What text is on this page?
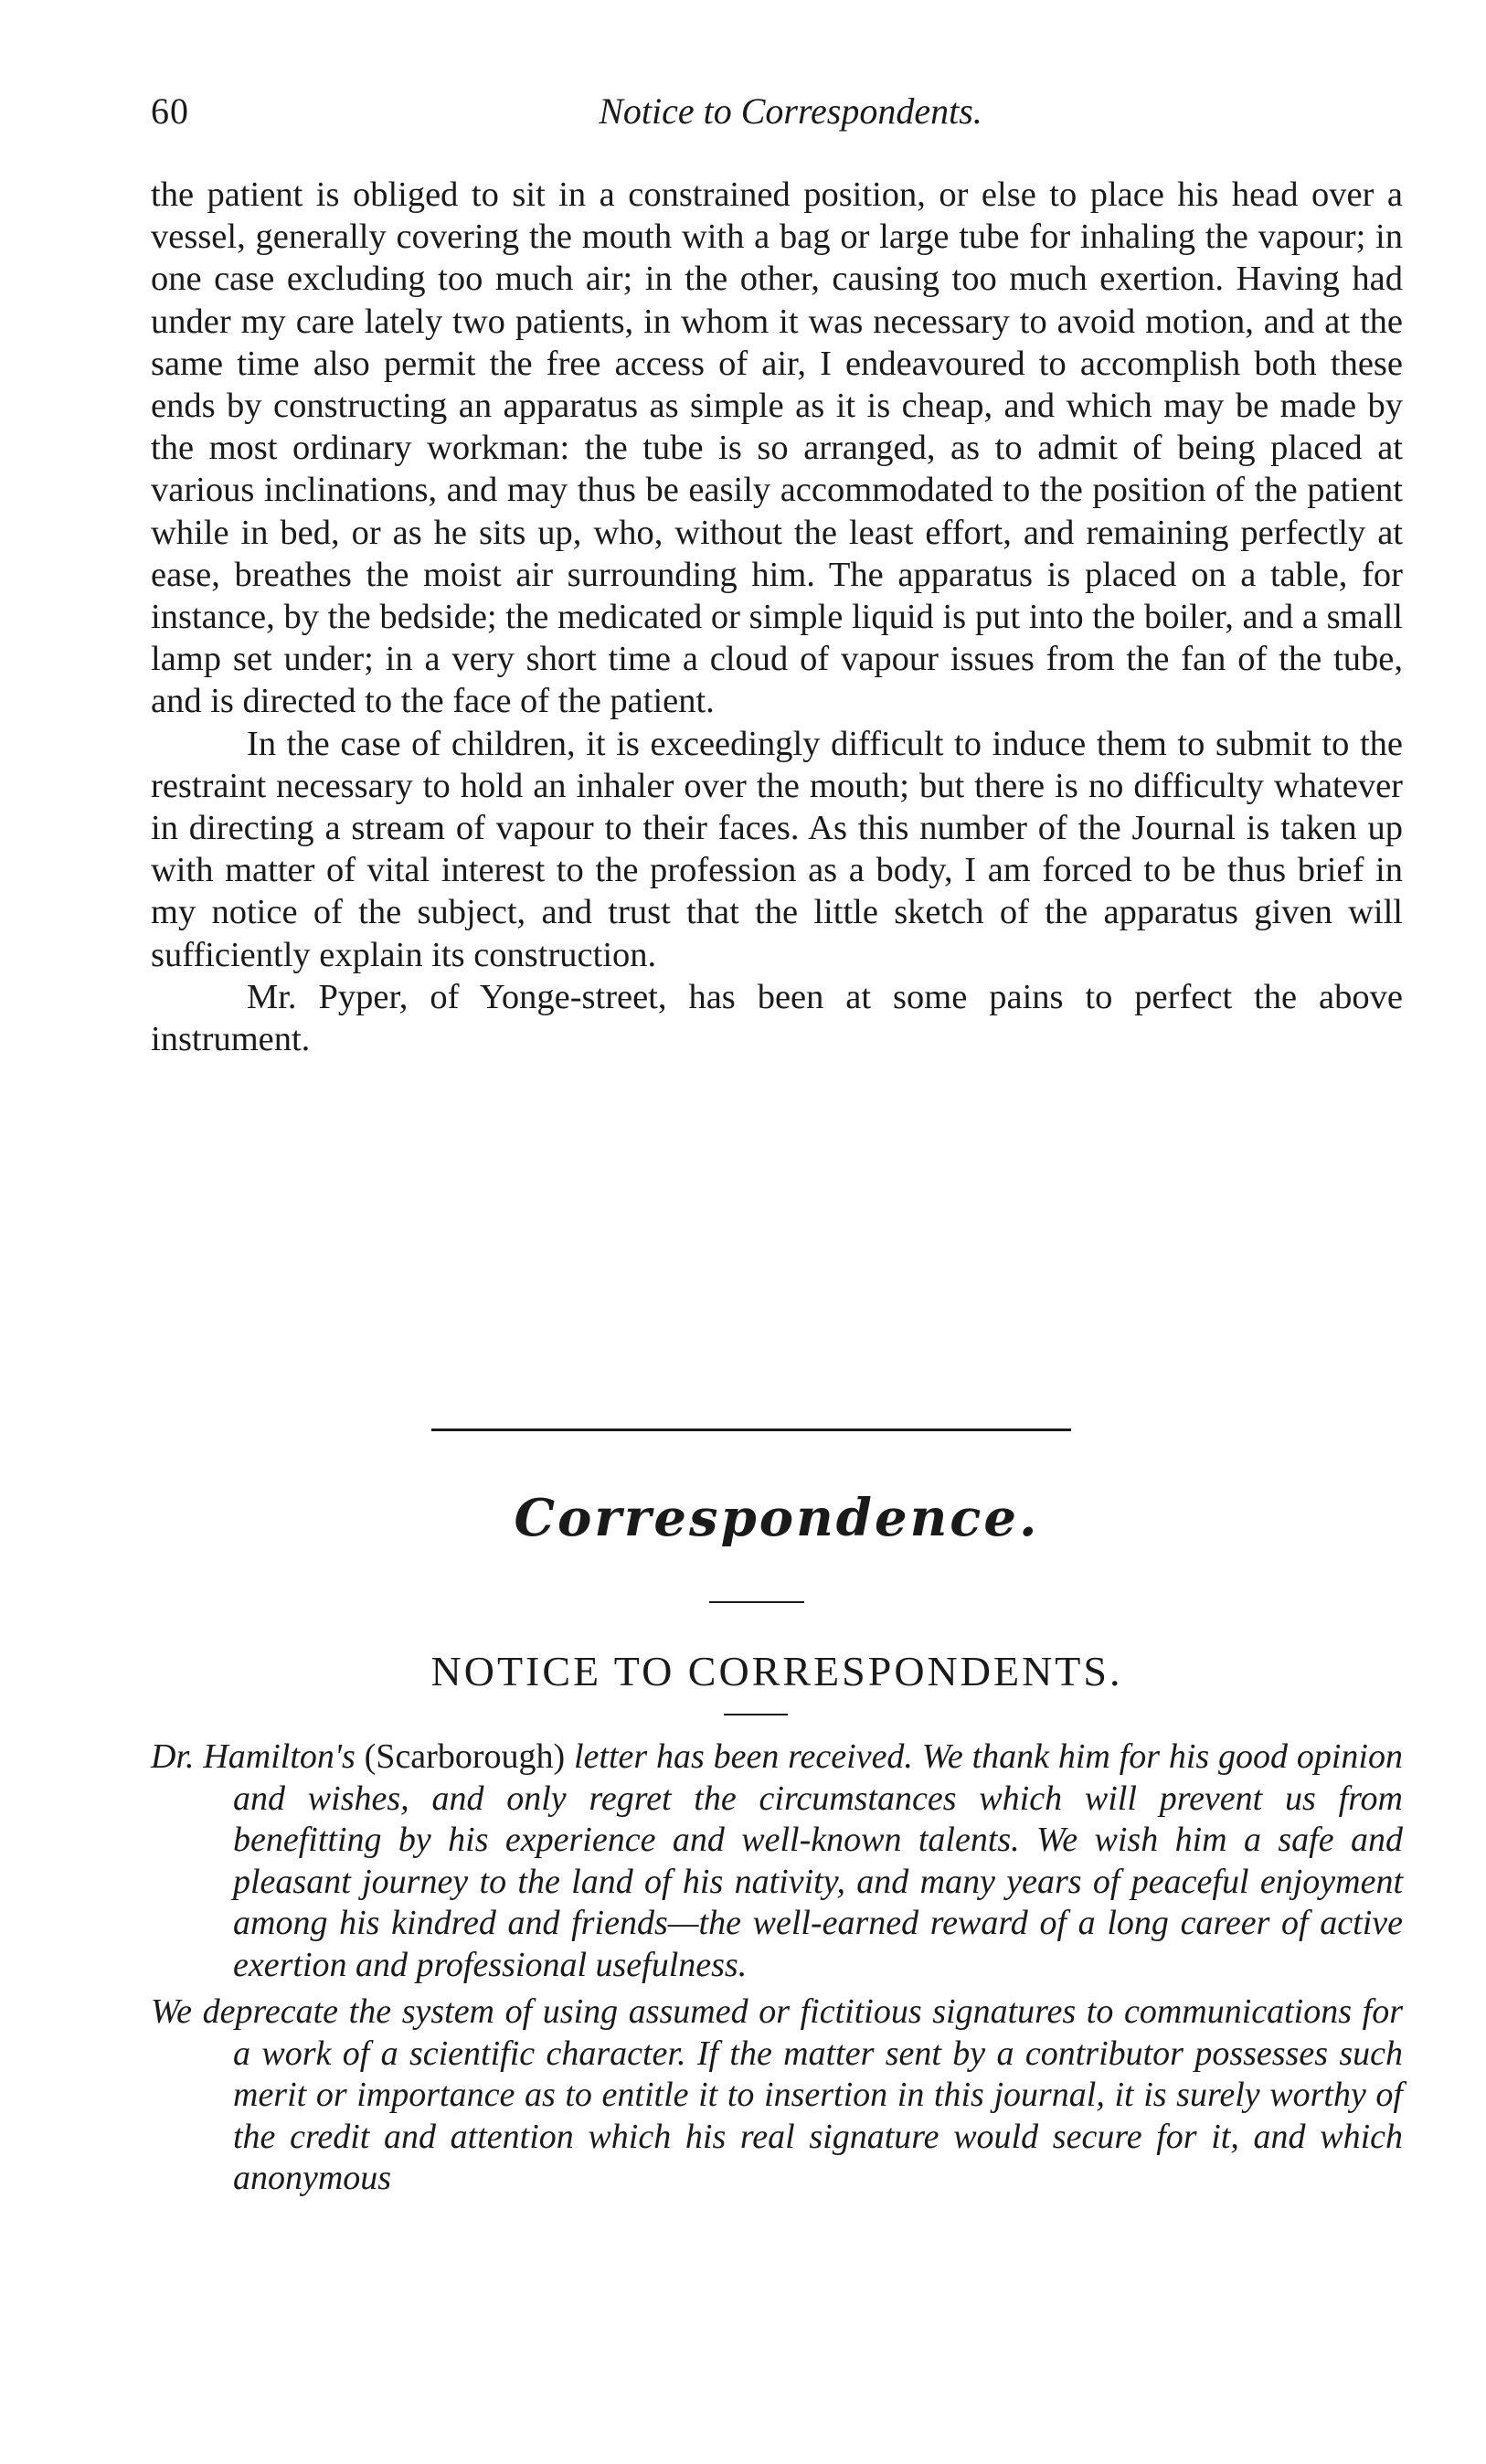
60	Notice to Correspondents.

the patient is obliged to sit in a constrained position, or else to place his head over a vessel, generally covering the mouth with a bag or large tube for inhaling the vapour; in one case excluding too much air; in the other, causing too much exertion. Having had under my care lately two patients, in whom it was necessary to avoid motion, and at the same time also permit the free access of air, I endeavoured to accomplish both these ends by constructing an apparatus as simple as it is cheap, and which may be made by the most ordinary workman: the tube is so arranged, as to admit of being placed at various inclinations, and may thus be easily accommodated to the position of the patient while in bed, or as he sits up, who, without the least effort, and remaining perfectly at ease, breathes the moist air surrounding him. The apparatus is placed on a table, for instance, by the bedside; the medicated or simple liquid is put into the boiler, and a small lamp set under; in a very short time a cloud of vapour issues from the fan of the tube, and is directed to the face of the patient.

In the case of children, it is exceedingly difficult to induce them to submit to the restraint necessary to hold an inhaler over the mouth; but there is no difficulty whatever in directing a stream of vapour to their faces. As this number of the Journal is taken up with matter of vital interest to the profession as a body, I am forced to be thus brief in my notice of the subject, and trust that the little sketch of the apparatus given will sufficiently explain its construction.

Mr. Pyper, of Yonge-street, has been at some pains to perfect the above instrument.

Correspondence.
NOTICE TO CORRESPONDENTS.

Dr. Hamilton's (Scarborough) letter has been received. We thank him for his good opinion and wishes, and only regret the circumstances which will prevent us from benefitting by his experience and well-known talents. We wish him a safe and pleasant journey to the land of his nativity, and many years of peaceful enjoyment among his kindred and friends—the well-earned reward of a long career of active exertion and professional usefulness.

We deprecate the system of using assumed or fictitious signatures to communications for a work of a scientific character. If the matter sent by a contributor possesses such merit or importance as to entitle it to insertion in this journal, it is surely worthy of the credit and attention which his real signature would secure for it, and which anonymous
